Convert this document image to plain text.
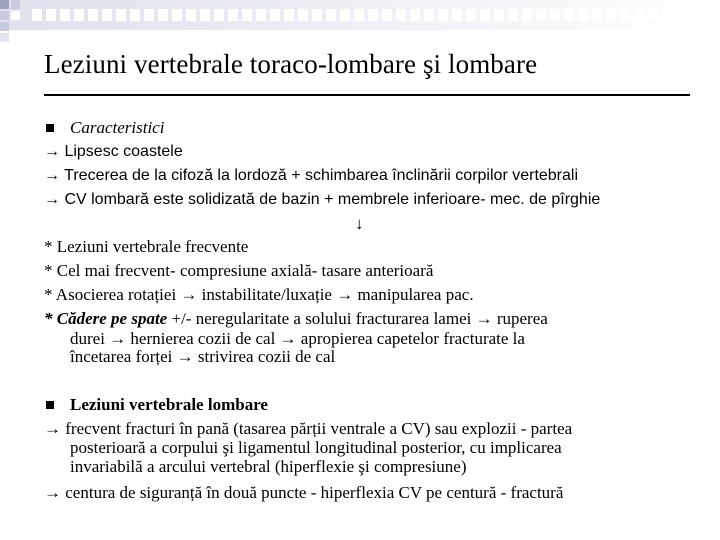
Leziuni vertebrale toraco-lombare şi lombare
Caracteristici
→ Lipsesc coastele
→ Trecerea de la cifoză la lordoză + schimbarea înclinării corpilor vertebrali
→ CV lombară este solidizată de bazin + membrele inferioare- mec. de pîrghie
↓
* Leziuni vertebrale frecvente
* Cel mai frecvent- compresiune axială- tasare anterioară
* Asocierea rotației → instabilitate/luxație → manipularea pac.
* Cădere pe spate +/- neregularitate a solului fracturarea lamei → ruperea
durei → hernierea cozii de cal → apropierea capetelor fracturate la
încetarea forței → strivirea cozii de cal
Leziuni vertebrale lombare
→ frecvent fracturi în pană (tasarea părții ventrale a CV) sau explozii - partea
posterioară a corpului şi ligamentul longitudinal posterior, cu implicarea
invariabilă a arcului vertebral (hiperflexie şi compresiune)
→ centura de siguranță în două puncte - hiperflexia CV pe centură - fractură
